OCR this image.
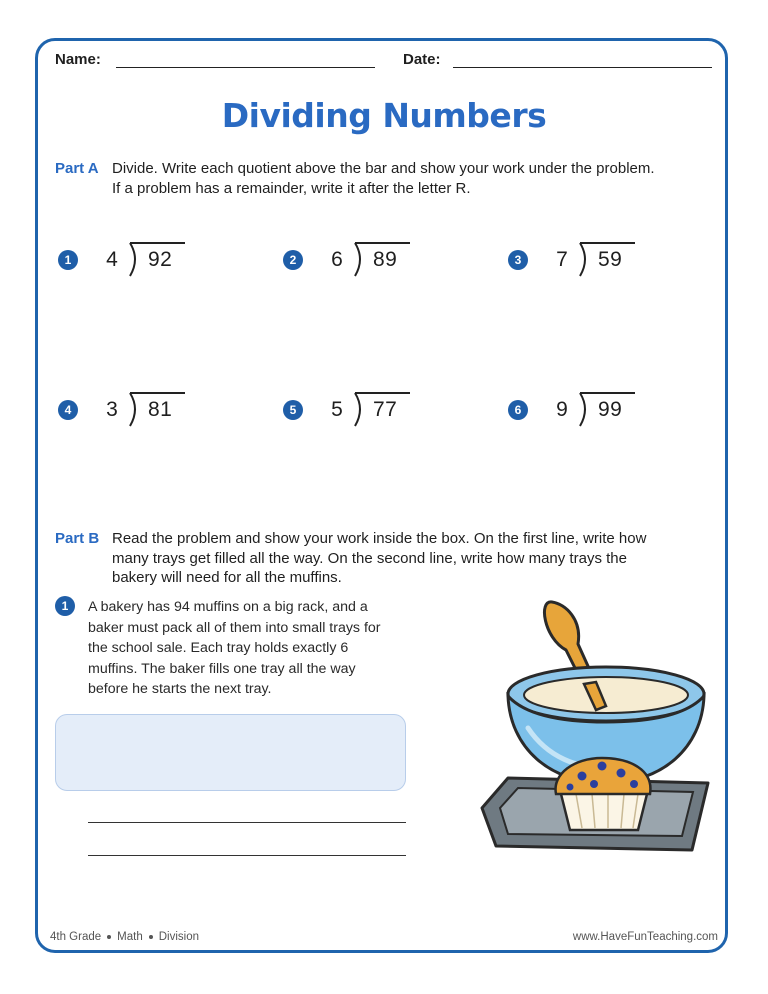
Name:	Date:
Dividing Numbers
Part A Divide. Write each quotient above the bar and show your work under the problem.
If a problem has a remainder, write it after the letter R.
1	4 92	2	6 89	3	7 59
4	3 81	5	5 77	6	9 99
Part B Read the problem and show your work inside the box. On the first line, write how
many trays get filled all the way. On the second line, write how many trays the
bakery will need for all the muffins.
1	A bakery has 94 muffins on a big rack, and a
baker must pack all of them into small trays for
the school sale. Each tray holds exactly 6
muffins. The baker fills one tray all the way
before he starts the next tray.
4th Grade Math Division	www.HaveFunTeaching.com
